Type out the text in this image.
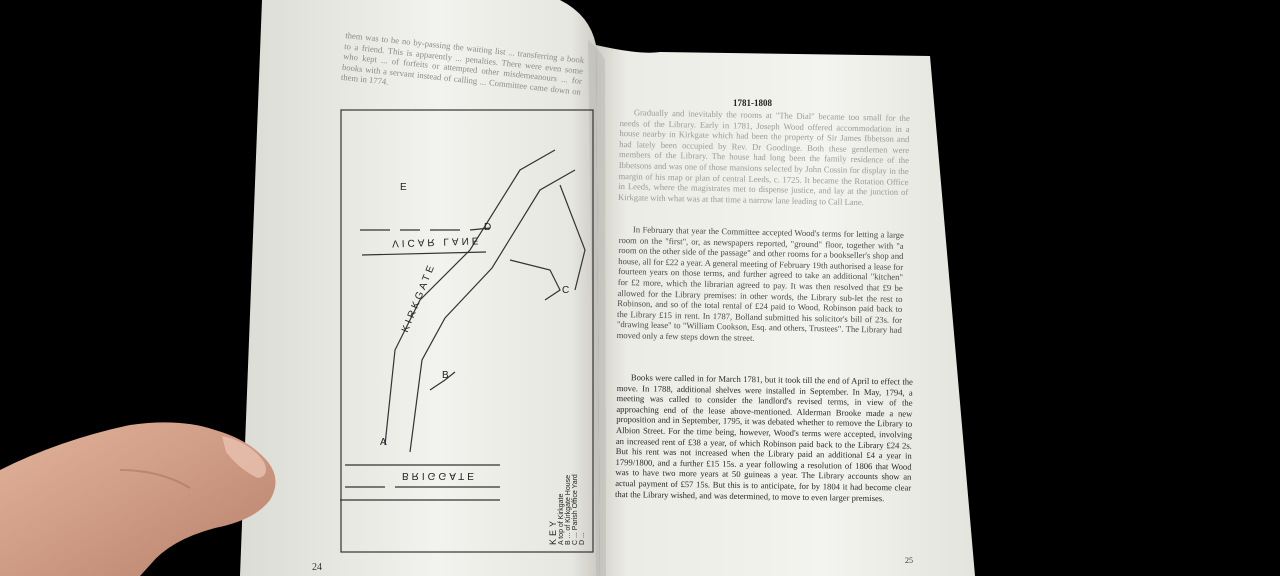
them was to be no by-passing the waiting list ... transferring a book to a friend. This is apparently ... penalties. There were even some who kept ... of forfeits or attempted other misdemeanours ... for books with a servant instead of calling ... Committee came down on them in 1774.
VICAR LANE
KIRKGATE
BRIGGATE
A
B
C
D
E
KEY A top of Kirkgate B ... of Kirkgate House C ... Parish Office Yard D ...
24
1781-1808
Gradually and inevitably the rooms at "The Dial" became too small for the needs of the Library. Early in 1781, Joseph Wood offered accommodation in a house nearby in Kirkgate which had been the property of Sir James Ibbetson and had lately been occupied by Rev. Dr Goodinge. Both these gentlemen were members of the Library. The house had long been the family residence of the Ibbetsons and was one of those mansions selected by John Cossin for display in the margin of his map or plan of central Leeds, c. 1725. It became the Rotation Office in Leeds, where the magistrates met to dispense justice, and lay at the junction of Kirkgate with what was at that time a narrow lane leading to Call Lane.
In February that year the Committee accepted Wood's terms for letting a large room on the "first", or, as newspapers reported, "ground" floor, together with "a room on the other side of the passage" and other rooms for a bookseller's shop and house, all for £22 a year. A general meeting of February 19th authorised a lease for fourteen years on those terms, and further agreed to take an additional "kitchen" for £2 more, which the librarian agreed to pay. It was then resolved that £9 be allowed for the Library premises: in other words, the Library sub-let the rest to Robinson, and so of the total rental of £24 paid to Wood, Robinson paid back to the Library £15 in rent. In 1787, Bolland submitted his solicitor's bill of 23s. for "drawing lease" to "William Cookson, Esq. and others, Trustees". The Library had moved only a few steps down the street.
Books were called in for March 1781, but it took till the end of April to effect the move. In 1788, additional shelves were installed in September. In May, 1794, a meeting was called to consider the landlord's revised terms, in view of the approaching end of the lease above-mentioned. Alderman Brooke made a new proposition and in September, 1795, it was debated whether to remove the Library to Albion Street. For the time being, however, Wood's terms were accepted, involving an increased rent of £38 a year, of which Robinson paid back to the Library £24 2s. But his rent was not increased when the Library paid an additional £4 a year in 1799/1800, and a further £15 15s. a year following a resolution of 1806 that Wood was to have two more years at 50 guineas a year. The Library accounts show an actual payment of £57 15s. But this is to anticipate, for by 1804 it had become clear that the Library wished, and was determined, to move to even larger premises.
25
